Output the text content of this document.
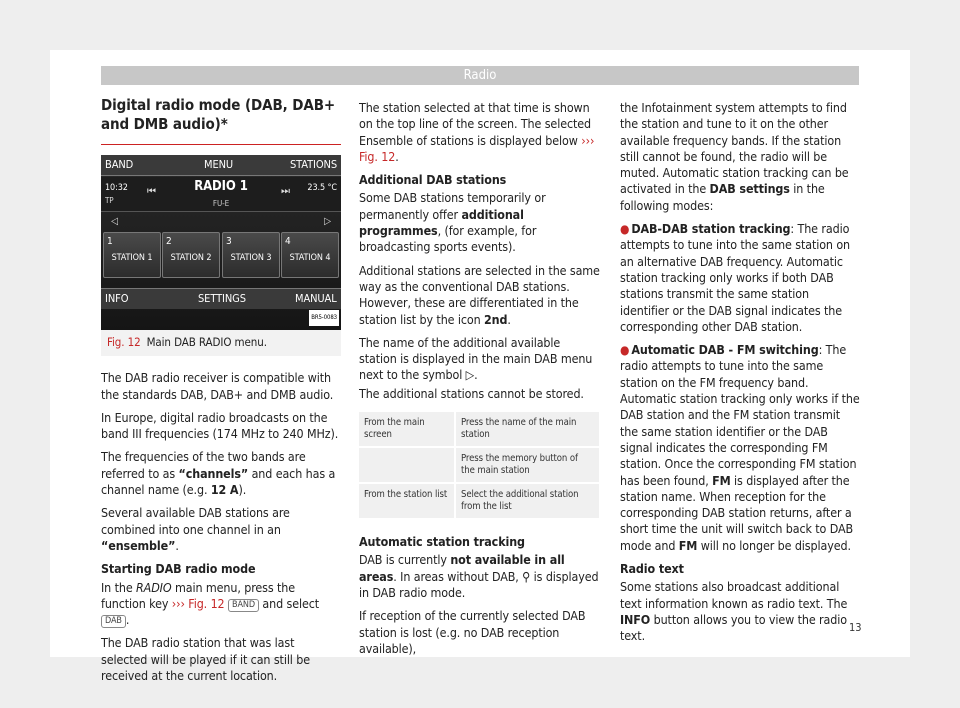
Radio
Digital radio mode (DAB, DAB+ and DMB audio)*
BAND	MENU	STATIONS
10:32
TP
⏮	RADIO 1
FU-E
⏭ 23.5 °C
◁	▷
1
STATION 1
2
STATION 2
3
STATION 3
4
STATION 4
INFO	SETTINGS	MANUAL
BR5-0083
Fig. 12 Main DAB RADIO menu.

The DAB radio receiver is compatible with the standards DAB, DAB+ and DMB audio.

In Europe, digital radio broadcasts on the band III frequencies (174 MHz to 240 MHz).

The frequencies of the two bands are referred to as “channels” and each has a channel name (e.g. 12 A).

Several available DAB stations are combined into one channel in an “ensemble”.

Starting DAB radio mode

In the RADIO main menu, press the function key ››› Fig. 12 BAND and select DAB .

The DAB radio station that was last selected will be played if it can still be received at the current location.

The station selected at that time is shown on the top line of the screen. The selected Ensemble of stations is displayed below ››› Fig. 12.

Additional DAB stations

Some DAB stations temporarily or permanently offer additional programmes, (for example, for broadcasting sports events).

Additional stations are selected in the same way as the conventional DAB stations. However, these are differentiated in the station list by the icon 2nd.

The name of the additional available station is displayed in the main DAB menu next to the symbol ▷.

The additional stations cannot be stored.

From the main screen	Press the name of the main station
	Press the memory button of the main station
From the station list	Select the additional station from the list

Automatic station tracking

DAB is currently not available in all areas. In areas without DAB, ⚲ is displayed in DAB radio mode.

If reception of the currently selected DAB station is lost (e.g. no DAB reception available),

the Infotainment system attempts to find the station and tune to it on the other available frequency bands. If the station still cannot be found, the radio will be muted. Automatic station tracking can be activated in the DAB settings in the following modes:

● DAB-DAB station tracking: The radio attempts to tune into the same station on an alternative DAB frequency. Automatic station tracking only works if both DAB stations transmit the same station identifier or the DAB signal indicates the corresponding other DAB station.

● Automatic DAB - FM switching: The radio attempts to tune into the same station on the FM frequency band. Automatic station tracking only works if the DAB station and the FM station transmit the same station identifier or the DAB signal indicates the corresponding FM station. Once the corresponding FM station has been found, FM is displayed after the station name. When reception for the corresponding DAB station returns, after a short time the unit will switch back to DAB mode and FM will no longer be displayed.

Radio text

Some stations also broadcast additional text information known as radio text. The INFO button allows you to view the radio text.

13
